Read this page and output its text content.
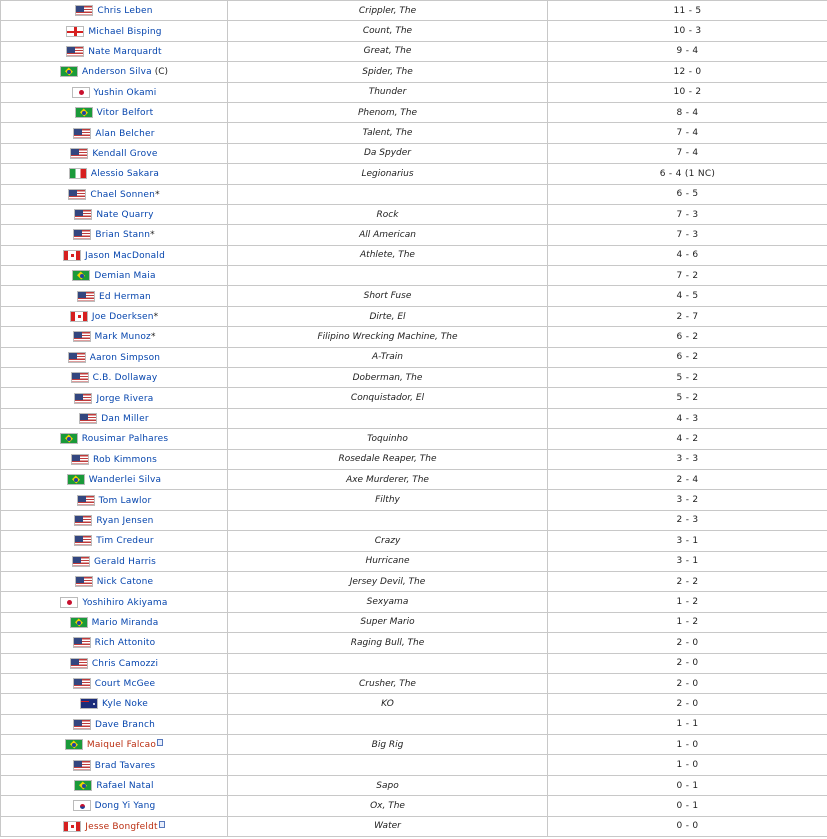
Chris Leben	Crippler, The	11 - 5
Michael Bisping	Count, The	10 - 3
Nate Marquardt	Great, The	9 - 4
Anderson Silva (C)	Spider, The	12 - 0
Yushin Okami	Thunder	10 - 2
Vitor Belfort	Phenom, The	8 - 4
Alan Belcher	Talent, The	7 - 4
Kendall Grove	Da Spyder	7 - 4
Alessio Sakara	Legionarius	6 - 4 (1 NC)
Chael Sonnen*		6 - 5
Nate Quarry	Rock	7 - 3
Brian Stann*	All American	7 - 3
Jason MacDonald	Athlete, The	4 - 6
Demian Maia		7 - 2
Ed Herman	Short Fuse	4 - 5
Joe Doerksen*	Dirte, El	2 - 7
Mark Munoz*	Filipino Wrecking Machine, The	6 - 2
Aaron Simpson	A-Train	6 - 2
C.B. Dollaway	Doberman, The	5 - 2
Jorge Rivera	Conquistador, El	5 - 2
Dan Miller		4 - 3
Rousimar Palhares	Toquinho	4 - 2
Rob Kimmons	Rosedale Reaper, The	3 - 3
Wanderlei Silva	Axe Murderer, The	2 - 4
Tom Lawlor	Filthy	3 - 2
Ryan Jensen		2 - 3
Tim Credeur	Crazy	3 - 1
Gerald Harris	Hurricane	3 - 1
Nick Catone	Jersey Devil, The	2 - 2
Yoshihiro Akiyama	Sexyama	1 - 2
Mario Miranda	Super Mario	1 - 2
Rich Attonito	Raging Bull, The	2 - 0
Chris Camozzi		2 - 0
Court McGee	Crusher, The	2 - 0
Kyle Noke	KO	2 - 0
Dave Branch		1 - 1
Maiquel Falcao	Big Rig	1 - 0
Brad Tavares		1 - 0
Rafael Natal	Sapo	0 - 1
Dong Yi Yang	Ox, The	0 - 1
Jesse Bongfeldt	Water	0 - 0
